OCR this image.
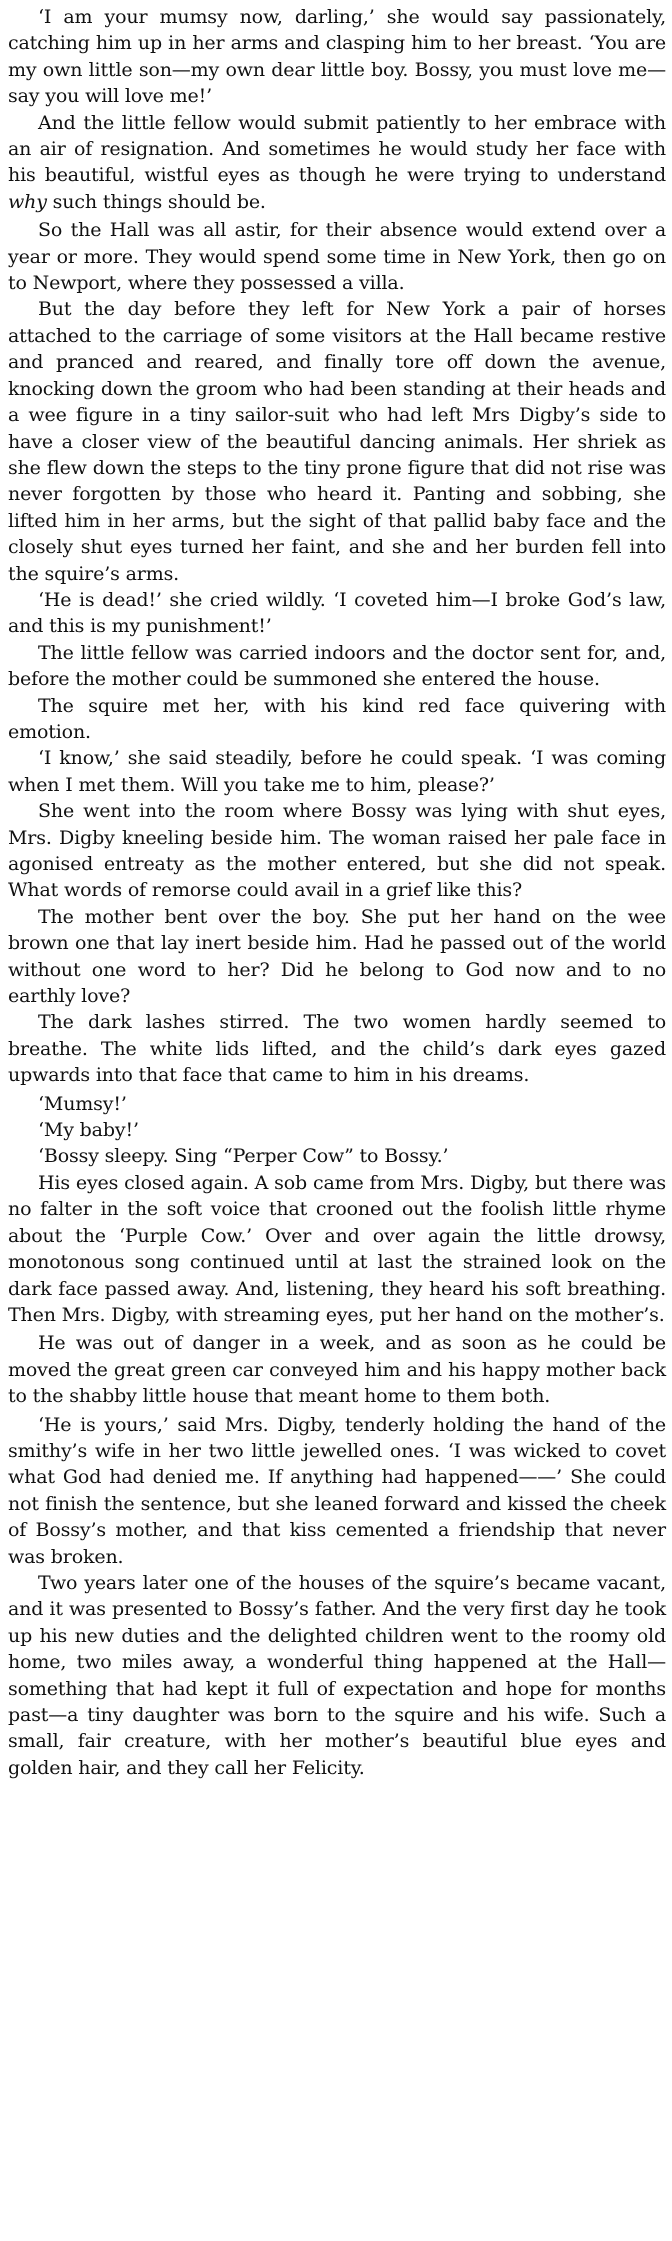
‘I am your mumsy now, darling,’ she would say passionately, catching him up in her arms and clasping him to her breast. ‘You are my own little son—my own dear little boy. Bossy, you must love me—say you will love me!’

And the little fellow would submit patiently to her embrace with an air of resignation. And sometimes he would study her face with his beautiful, wistful eyes as though he were trying to understand why such things should be.

So the Hall was all astir, for their absence would extend over a year or more. They would spend some time in New York, then go on to Newport, where they possessed a villa.

But the day before they left for New York a pair of horses attached to the carriage of some visitors at the Hall became restive and pranced and reared, and finally tore off down the avenue, knocking down the groom who had been standing at their heads and a wee figure in a tiny sailor-suit who had left Mrs Digby’s side to have a closer view of the beautiful dancing animals. Her shriek as she flew down the steps to the tiny prone figure that did not rise was never forgotten by those who heard it. Panting and sobbing, she lifted him in her arms, but the sight of that pallid baby face and the closely shut eyes turned her faint, and she and her burden fell into the squire’s arms.

‘He is dead!’ she cried wildly. ‘I coveted him—I broke God’s law, and this is my punishment!’

The little fellow was carried indoors and the doctor sent for, and, before the mother could be summoned she entered the house.

The squire met her, with his kind red face quivering with emotion.

‘I know,’ she said steadily, before he could speak. ‘I was coming when I met them. Will you take me to him, please?’

She went into the room where Bossy was lying with shut eyes, Mrs. Digby kneeling beside him. The woman raised her pale face in agonised entreaty as the mother entered, but she did not speak. What words of remorse could avail in a grief like this?

The mother bent over the boy. She put her hand on the wee brown one that lay inert beside him. Had he passed out of the world without one word to her? Did he belong to God now and to no earthly love?

The dark lashes stirred. The two women hardly seemed to breathe. The white lids lifted, and the child’s dark eyes gazed upwards into that face that came to him in his dreams.

‘Mumsy!’

‘My baby!’

‘Bossy sleepy. Sing “Perper Cow” to Bossy.’

His eyes closed again. A sob came from Mrs. Digby, but there was no falter in the soft voice that crooned out the foolish little rhyme about the ‘Purple Cow.’ Over and over again the little drowsy, monotonous song continued until at last the strained look on the dark face passed away. And, listening, they heard his soft breathing. Then Mrs. Digby, with streaming eyes, put her hand on the mother’s.

He was out of danger in a week, and as soon as he could be moved the great green car conveyed him and his happy mother back to the shabby little house that meant home to them both.

‘He is yours,’ said Mrs. Digby, tenderly holding the hand of the smithy’s wife in her two little jewelled ones. ‘I was wicked to covet what God had denied me. If anything had happened——’ She could not finish the sentence, but she leaned forward and kissed the cheek of Bossy’s mother, and that kiss cemented a friendship that never was broken.

Two years later one of the houses of the squire’s became vacant, and it was presented to Bossy’s father. And the very first day he took up his new duties and the delighted children went to the roomy old home, two miles away, a wonderful thing happened at the Hall—something that had kept it full of expectation and hope for months past—a tiny daughter was born to the squire and his wife. Such a small, fair creature, with her mother’s beautiful blue eyes and golden hair, and they call her Felicity.
